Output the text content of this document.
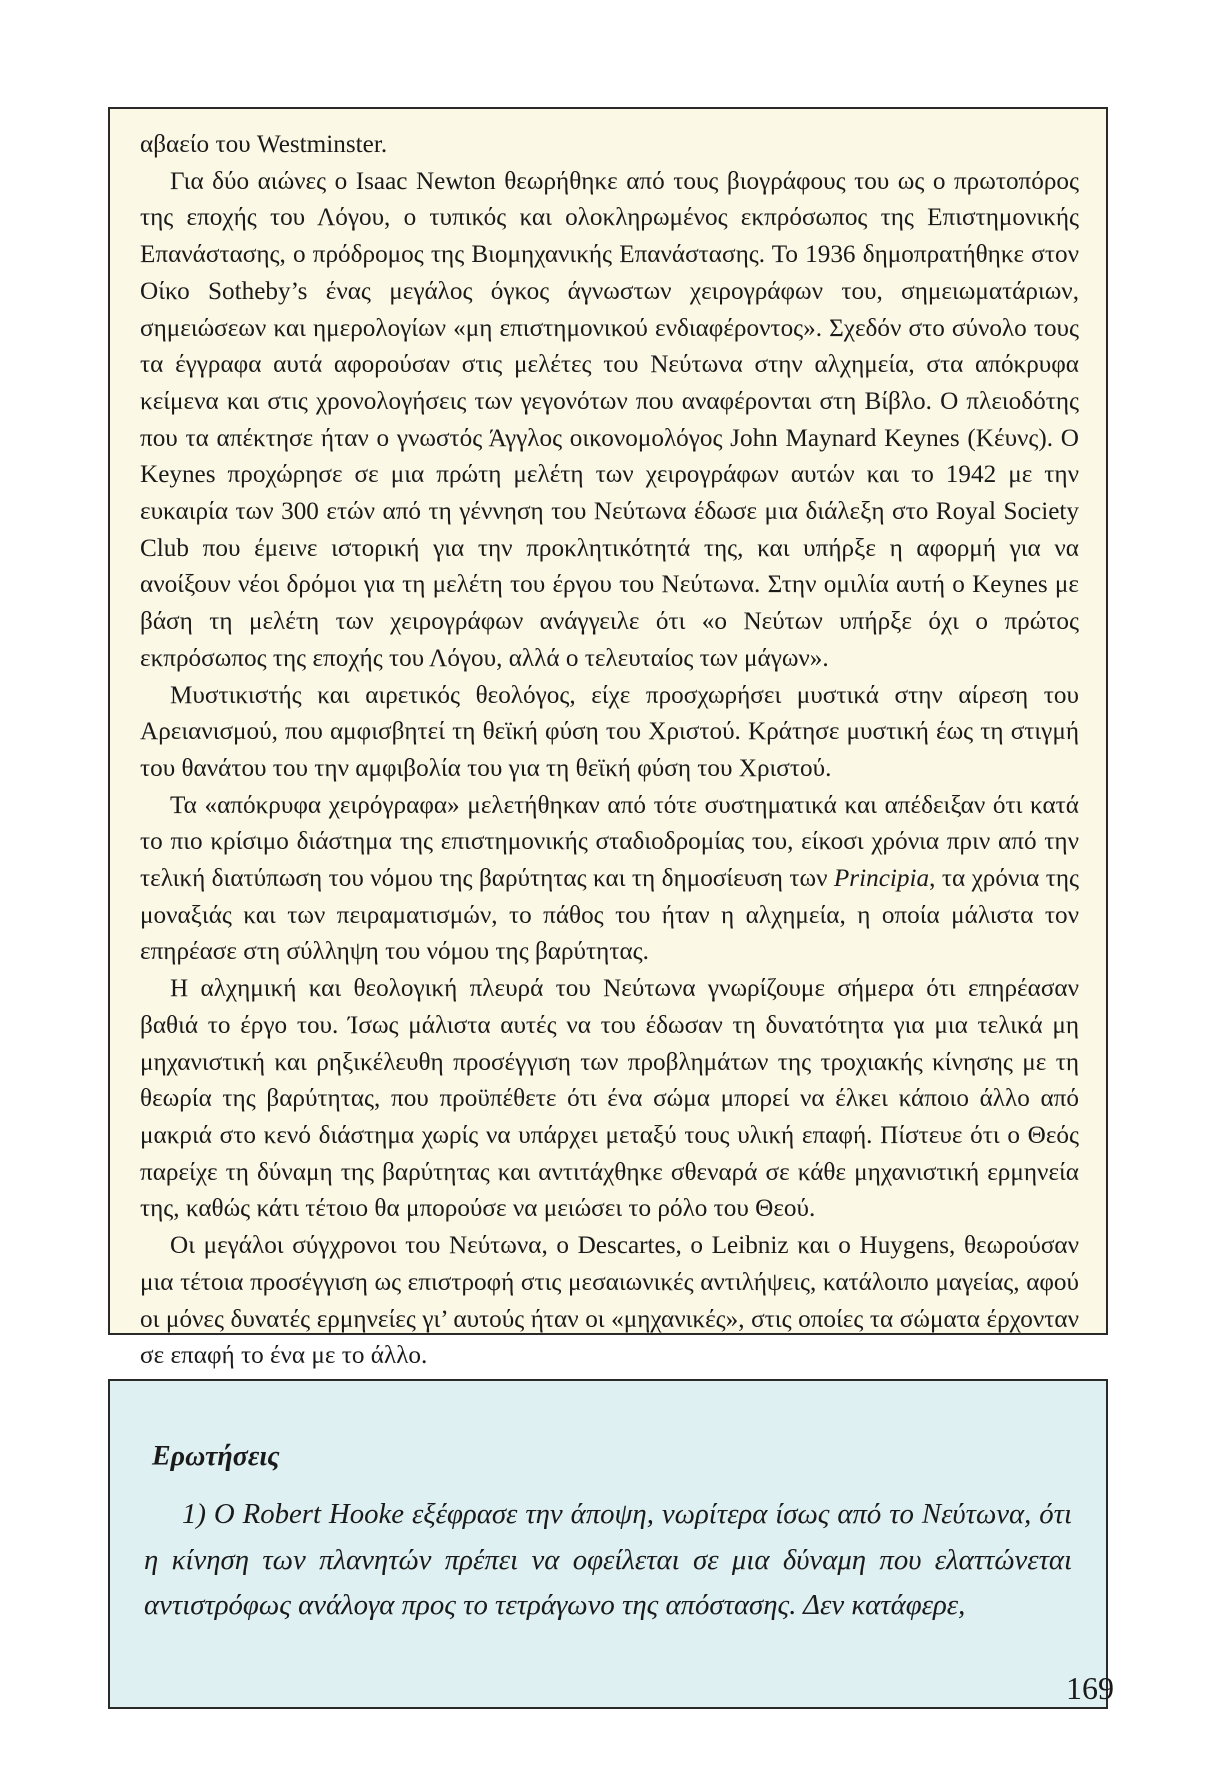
αβαείο του Westminster.

Για δύο αιώνες ο Isaac Newton θεωρήθηκε από τους βιογράφους του ως ο πρωτοπόρος της εποχής του Λόγου, ο τυπικός και ολοκληρωμένος εκπρόσωπος της Επιστημονικής Επανάστασης, ο πρόδρομος της Βιομηχανικής Επανάστασης. Το 1936 δημοπρατήθηκε στον Οίκο Sotheby’s ένας μεγάλος όγκος άγνωστων χειρογράφων του, σημειωματάριων, σημειώσεων και ημερολογίων «μη επιστημονικού ενδιαφέροντος». Σχεδόν στο σύνολο τους τα έγγραφα αυτά αφορούσαν στις μελέτες του Νεύτωνα στην αλχημεία, στα απόκρυφα κείμενα και στις χρονολογήσεις των γεγονότων που αναφέρονται στη Βίβλο. Ο πλειοδότης που τα απέκτησε ήταν ο γνωστός Άγγλος οικονομολόγος John Maynard Keynes (Κέυνς). Ο Keynes προχώρησε σε μια πρώτη μελέτη των χειρογράφων αυτών και το 1942 με την ευκαιρία των 300 ετών από τη γέννηση του Νεύτωνα έδωσε μια διάλεξη στο Royal Society Club που έμεινε ιστορική για την προκλητικότητά της, και υπήρξε η αφορμή για να ανοίξουν νέοι δρόμοι για τη μελέτη του έργου του Νεύτωνα. Στην ομιλία αυτή ο Keynes με βάση τη μελέτη των χειρογράφων ανάγγειλε ότι «ο Νεύτων υπήρξε όχι ο πρώτος εκπρόσωπος της εποχής του Λόγου, αλλά ο τελευταίος των μάγων».

Μυστικιστής και αιρετικός θεολόγος, είχε προσχωρήσει μυστικά στην αίρεση του Αρειανισμού, που αμφισβητεί τη θεϊκή φύση του Χριστού. Κράτησε μυστική έως τη στιγμή του θανάτου του την αμφιβολία του για τη θεϊκή φύση του Χριστού.

Τα «απόκρυφα χειρόγραφα» μελετήθηκαν από τότε συστηματικά και απέδειξαν ότι κατά το πιο κρίσιμο διάστημα της επιστημονικής σταδιοδρομίας του, είκοσι χρόνια πριν από την τελική διατύπωση του νόμου της βαρύτητας και τη δημοσίευση των Principia, τα χρόνια της μοναξιάς και των πειραματισμών, το πάθος του ήταν η αλχημεία, η οποία μάλιστα τον επηρέασε στη σύλληψη του νόμου της βαρύτητας.

Η αλχημική και θεολογική πλευρά του Νεύτωνα γνωρίζουμε σήμερα ότι επηρέασαν βαθιά το έργο του. Ίσως μάλιστα αυτές να του έδωσαν τη δυνατότητα για μια τελικά μη μηχανιστική και ρηξικέλευθη προσέγγιση των προβλημάτων της τροχιακής κίνησης με τη θεωρία της βαρύτητας, που προϋπέθετε ότι ένα σώμα μπορεί να έλκει κάποιο άλλο από μακριά στο κενό διάστημα χωρίς να υπάρχει μεταξύ τους υλική επαφή. Πίστευε ότι ο Θεός παρείχε τη δύναμη της βαρύτητας και αντιτάχθηκε σθεναρά σε κάθε μηχανιστική ερμηνεία της, καθώς κάτι τέτοιο θα μπορούσε να μειώσει το ρόλο του Θεού.

Οι μεγάλοι σύγχρονοι του Νεύτωνα, ο Descartes, ο Leibniz και ο Huygens, θεωρούσαν μια τέτοια προσέγγιση ως επιστροφή στις μεσαιωνικές αντιλήψεις, κατάλοιπο μαγείας, αφού οι μόνες δυνατές ερμηνείες γι’ αυτούς ήταν οι «μηχανικές», στις οποίες τα σώματα έρχονταν σε επαφή το ένα με το άλλο.

Ερωτήσεις

1) O Robert Hooke εξέφρασε την άποψη, νωρίτερα ίσως από το Νεύτωνα, ότι η κίνηση των πλανητών πρέπει να οφείλεται σε μια δύναμη που ελαττώνεται αντιστρόφως ανάλογα προς το τετράγωνο της απόστασης. Δεν κατάφερε,

169
